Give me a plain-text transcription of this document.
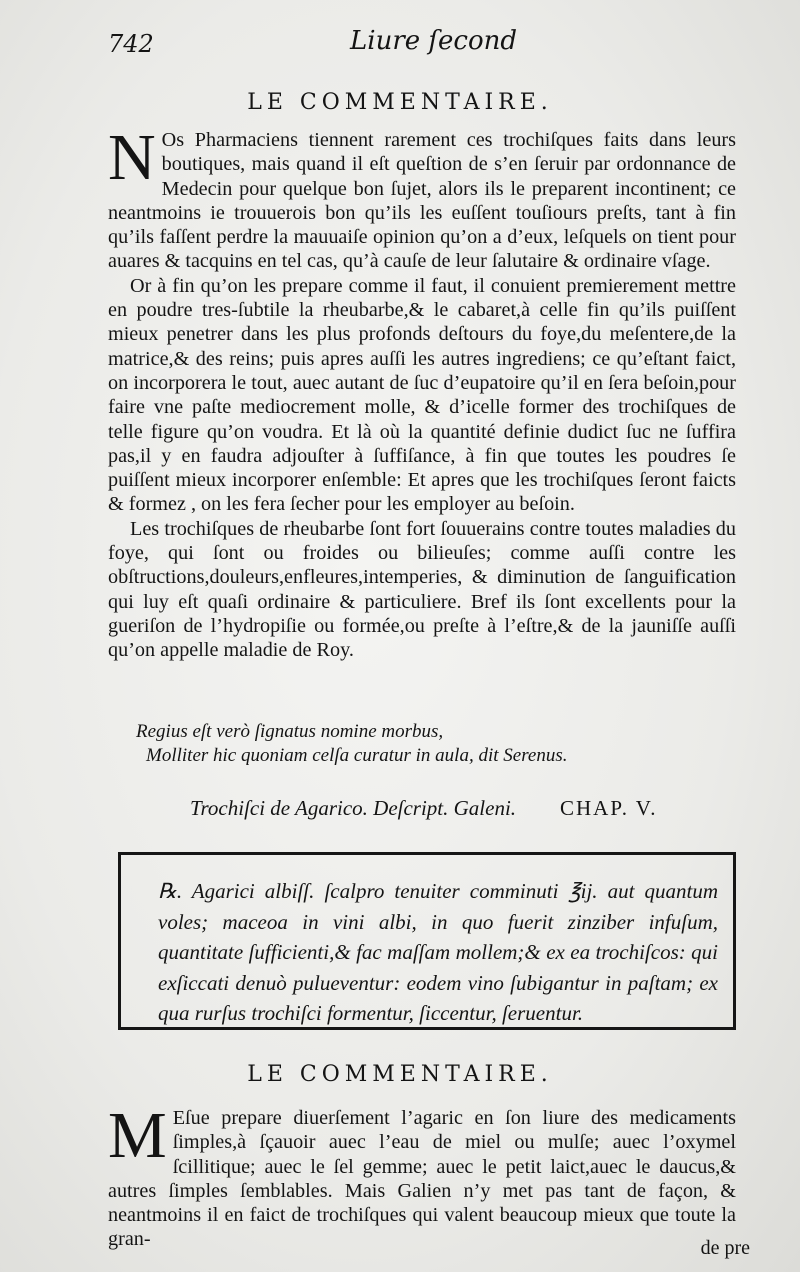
742	Liure ſecond
LE COMMENTAIRE.

N Os Pharmaciens tiennent rarement ces trochiſques faits dans leurs boutiques, mais quand il eſt queſtion de s’en ſeruir par ordonnance de Medecin pour quelque bon ſujet, alors ils le preparent incontinent; ce neantmoins ie trouuerois bon qu’ils les euſſent touſiours preſts, tant à fin qu’ils faſſent perdre la mauuaiſe opinion qu’on a d’eux, leſquels on tient pour auares & tacquins en tel cas, qu’à cauſe de leur ſalutaire & ordinaire vſage.

Or à fin qu’on les prepare comme il faut, il conuient premierement mettre en poudre tres-ſubtile la rheubarbe,& le cabaret,à celle fin qu’ils puiſſent mieux penetrer dans les plus profonds deſtours du foye,du meſentere,de la matrice,& des reins; puis apres auſſi les autres ingrediens; ce qu’eſtant faict, on incorporera le tout, auec autant de ſuc d’eupatoire qu’il en ſera beſoin,pour faire vne paſte mediocrement molle, & d’icelle former des trochiſques de telle figure qu’on voudra. Et là où la quantité definie dudict ſuc ne ſuffira pas,il y en faudra adjouſter à ſuffiſance, à fin que toutes les poudres ſe puiſſent mieux incorporer enſemble: Et apres que les trochiſques ſeront faicts & formez , on les fera ſecher pour les employer au beſoin.

Les trochiſques de rheubarbe ſont fort ſouuerains contre toutes maladies du foye, qui ſont ou froides ou bilieuſes; comme auſſi contre les obſtructions,douleurs,enfleures,intemperies, & diminution de ſanguification qui luy eſt quaſi ordinaire & particuliere. Bref ils ſont excellents pour la gueriſon de l’hydropiſie ou formée,ou preſte à l’eſtre,& de la jauniſſe auſſi qu’on appelle maladie de Roy.

Regius eſt verò ſignatus nomine morbus,
Molliter hic quoniam celſa curatur in aula, dit Serenus.
Trochiſci de Agarico. Deſcript. Galeni. CHAP. V.
℞. Agarici albiſſ. ſcalpro tenuiter comminuti ℥ij. aut quantum voles; maceoa in vini albi, in quo fuerit zinziber infuſum, quantitate ſufficienti,& fac maſſam mollem;& ex ea trochiſcos: qui exſiccati denuò pulueventur: eodem vino ſubigantur in paſtam; ex qua rurſus trochiſci formentur, ſiccentur, ſeruentur.
LE COMMENTAIRE.

M Eſue prepare diuerſement l’agaric en ſon liure des medicaments ſimples,à ſçauoir auec l’eau de miel ou mulſe; auec l’oxymel ſcillitique; auec le ſel gemme; auec le petit laict,auec le daucus,& autres ſimples ſemblables. Mais Galien n’y met pas tant de façon, & neantmoins il en faict de trochiſques qui valent beaucoup mieux que toute la gran-	de pre
